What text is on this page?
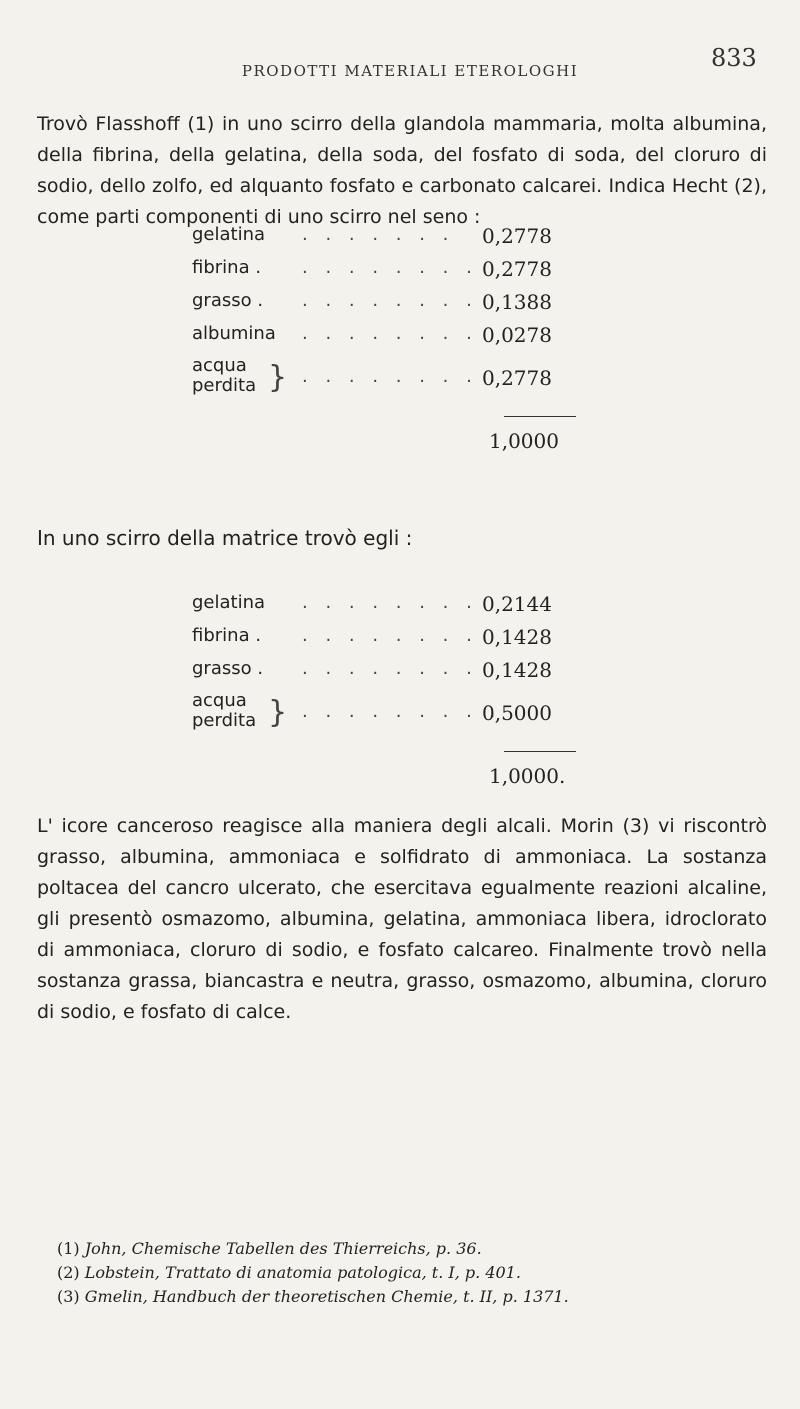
PRODOTTI MATERIALI ETEROLOGHI	833

Trovò Flasshoff (1) in uno scirro della glandola mammaria, molta albumina, della fibrina, della gelatina, della soda, del fosfato di soda, del cloruro di sodio, dello zolfo, ed alquanto fosfato e carbonato calcarei. Indica Hecht (2), come parti componenti di uno scirro nel seno :

gelatina . . . . . . .	0,2778
fibrina . . . . . . . . . 0,2778
grasso . . . . . . . . . 0,1388
albumina . . . . . . . . 0,0278
acqua
perdita } . . . . . . . . .
0,2778
1,0000
In uno scirro della matrice trovò egli :
gelatina . . . . . . . . 0,2144
fibrina . . . . . . . . . 0,1428
grasso . . . . . . . . . 0,1428
acqua
perdita } . . . . . . . . .
0,5000
1,0000.

L' icore canceroso reagisce alla maniera degli alcali. Morin (3) vi riscontrò grasso, albumina, ammoniaca e solfidrato di ammoniaca. La sostanza poltacea del cancro ulcerato, che esercitava egualmente reazioni alcaline, gli presentò osmazomo, albumina, gelatina, ammoniaca libera, idroclorato di ammoniaca, cloruro di sodio, e fosfato calcareo. Finalmente trovò nella sostanza grassa, biancastra e neutra, grasso, osmazomo, albumina, cloruro di sodio, e fosfato di calce.

(1) John, Chemische Tabellen des Thierreichs, p. 36.
(2) Lobstein, Trattato di anatomia patologica, t. I, p. 401.
(3) Gmelin, Handbuch der theoretischen Chemie, t. II, p. 1371.
